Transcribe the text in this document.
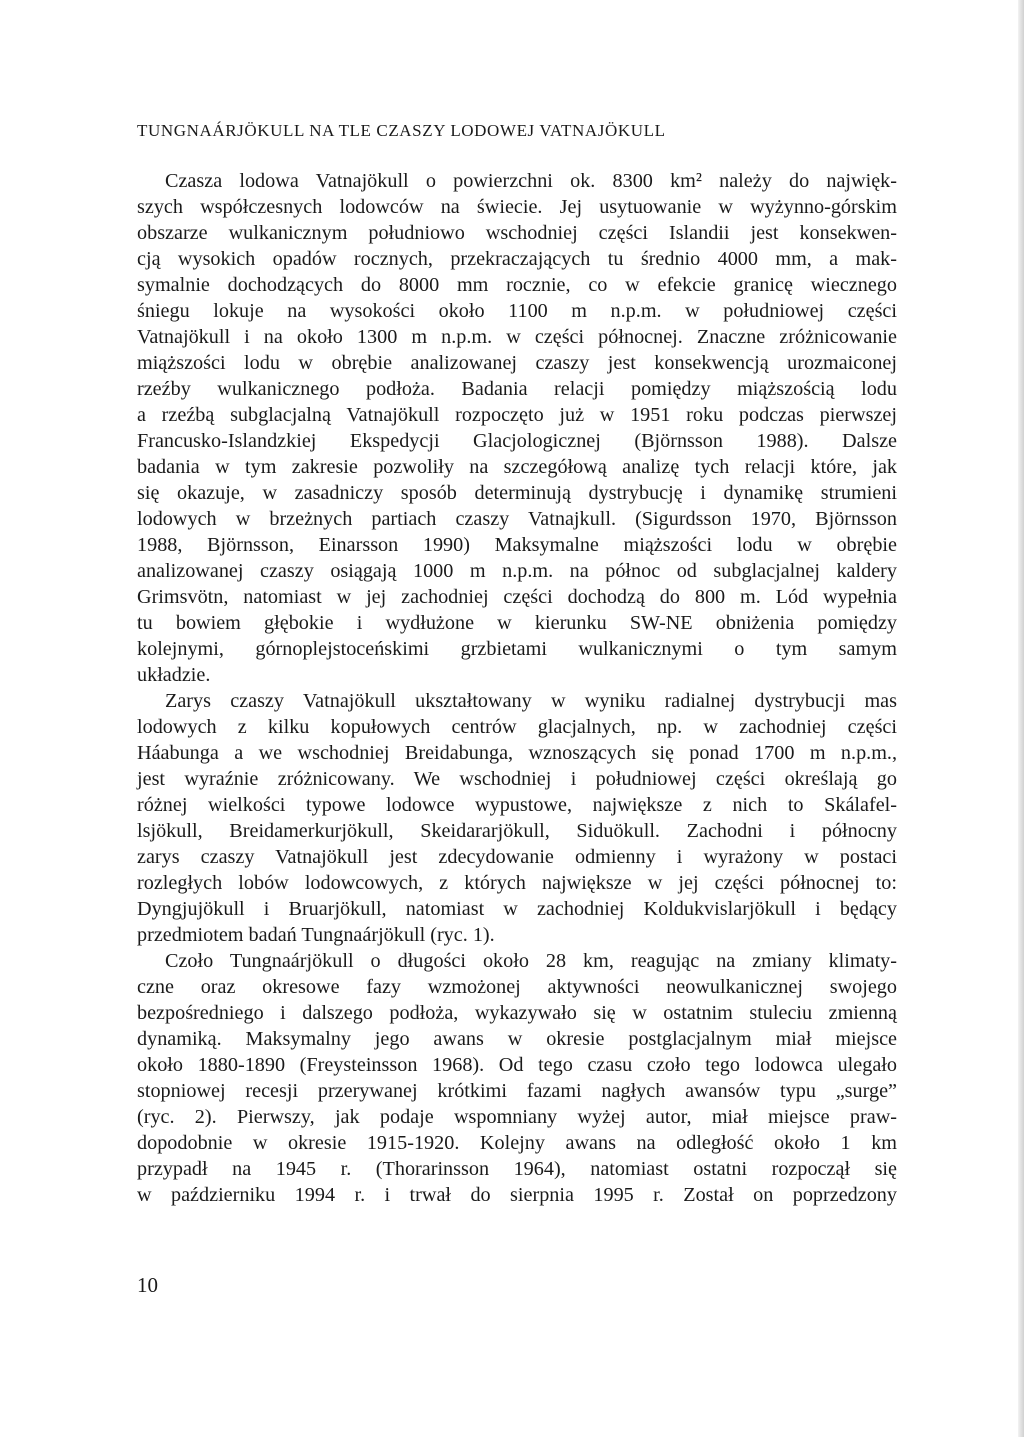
TUNGNAÁRJÖKULL NA TLE CZASZY LODOWEJ VATNAJÖKULL
Czasza lodowa Vatnajökull o powierzchni ok. 8300 km² należy do najwięk-
szych współczesnych lodowców na świecie. Jej usytuowanie w wyżynno-górskim
obszarze wulkanicznym południowo wschodniej części Islandii jest konsekwen-
cją wysokich opadów rocznych, przekraczających tu średnio 4000 mm, a mak-
symalnie dochodzących do 8000 mm rocznie, co w efekcie granicę wiecznego
śniegu lokuje na wysokości około 1100 m n.p.m. w południowej części
Vatnajökull i na około 1300 m n.p.m. w części północnej. Znaczne zróżnicowanie
miąższości lodu w obrębie analizowanej czaszy jest konsekwencją urozmaiconej
rzeźby wulkanicznego podłoża. Badania relacji pomiędzy miąższością lodu
a rzeźbą subglacjalną Vatnajökull rozpoczęto już w 1951 roku podczas pierwszej
Francusko-Islandzkiej Ekspedycji Glacjologicznej (Björnsson 1988). Dalsze
badania w tym zakresie pozwoliły na szczegółową analizę tych relacji które, jak
się okazuje, w zasadniczy sposób determinują dystrybucję i dynamikę strumieni
lodowych w brzeżnych partiach czaszy Vatnajkull. (Sigurdsson 1970, Björnsson
1988, Björnsson, Einarsson 1990) Maksymalne miąższości lodu w obrębie
analizowanej czaszy osiągają 1000 m n.p.m. na północ od subglacjalnej kaldery
Grimsvötn, natomiast w jej zachodniej części dochodzą do 800 m. Lód wypełnia
tu bowiem głębokie i wydłużone w kierunku SW-NE obniżenia pomiędzy
kolejnymi, górnoplejstoceńskimi grzbietami wulkanicznymi o tym samym
układzie.
Zarys czaszy Vatnajökull ukształtowany w wyniku radialnej dystrybucji mas
lodowych z kilku kopułowych centrów glacjalnych, np. w zachodniej części
Háabunga a we wschodniej Breidabunga, wznoszących się ponad 1700 m n.p.m.,
jest wyraźnie zróżnicowany. We wschodniej i południowej części określają go
różnej wielkości typowe lodowce wypustowe, największe z nich to Skálafel-
lsjökull, Breidamerkurjökull, Skeidararjökull, Siduökull. Zachodni i północny
zarys czaszy Vatnajökull jest zdecydowanie odmienny i wyrażony w postaci
rozległych lobów lodowcowych, z których największe w jej części północnej to:
Dyngjujökull i Bruarjökull, natomiast w zachodniej Koldukvislarjökull i będący
przedmiotem badań Tungnaárjökull (ryc. 1).
Czoło Tungnaárjökull o długości około 28 km, reagując na zmiany klimaty-
czne oraz okresowe fazy wzmożonej aktywności neowulkanicznej swojego
bezpośredniego i dalszego podłoża, wykazywało się w ostatnim stuleciu zmienną
dynamiką. Maksymalny jego awans w okresie postglacjalnym miał miejsce
około 1880-1890 (Freysteinsson 1968). Od tego czasu czoło tego lodowca ulegało
stopniowej recesji przerywanej krótkimi fazami nagłych awansów typu „surge”
(ryc. 2). Pierwszy, jak podaje wspomniany wyżej autor, miał miejsce praw-
dopodobnie w okresie 1915-1920. Kolejny awans na odległość około 1 km
przypadł na 1945 r. (Thorarinsson 1964), natomiast ostatni rozpoczął się
w październiku 1994 r. i trwał do sierpnia 1995 r. Został on poprzedzony
10
